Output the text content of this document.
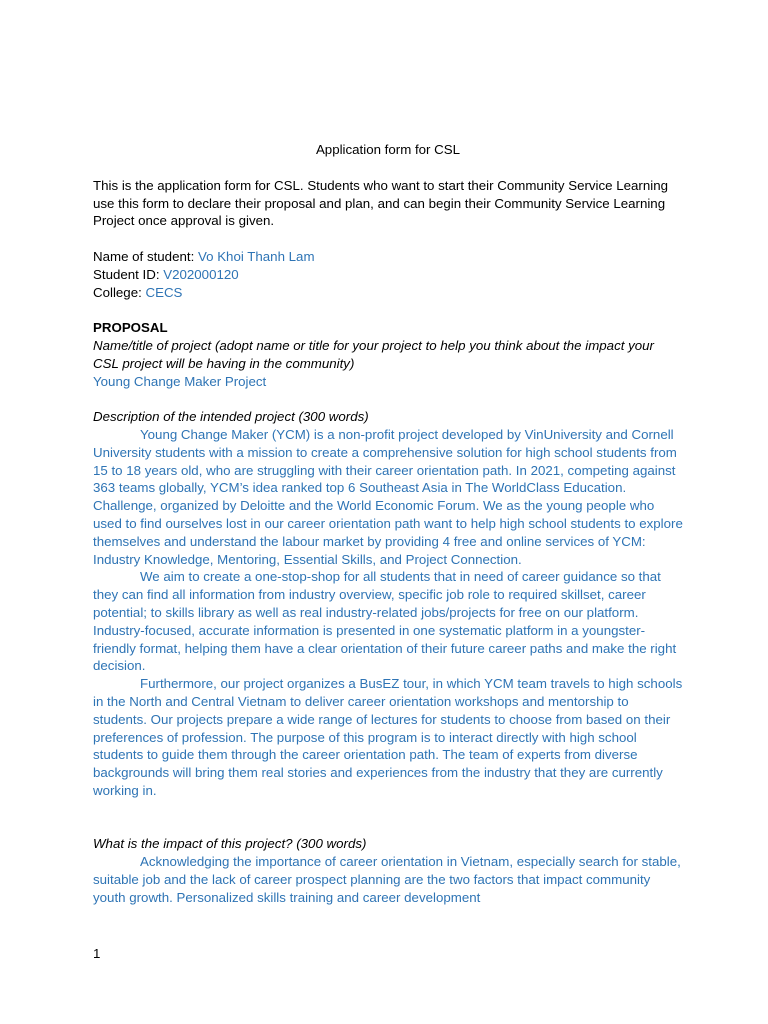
Application form for CSL

This is the application form for CSL. Students who want to start their Community Service Learning use this form to declare their proposal and plan, and can begin their Community Service Learning Project once approval is given.

Name of student: Vo Khoi Thanh Lam

Student ID: V202000120

College: CECS

PROPOSAL

Name/title of project (adopt name or title for your project to help you think about the impact your CSL project will be having in the community)

Young Change Maker Project

Description of the intended project (300 words)

Young Change Maker (YCM) is a non-profit project developed by VinUniversity and Cornell University students with a mission to create a comprehensive solution for high school students from 15 to 18 years old, who are struggling with their career orientation path. In 2021, competing against 363 teams globally, YCM’s idea ranked top 6 Southeast Asia in The WorldClass Education. Challenge, organized by Deloitte and the World Economic Forum. We as the young people who used to find ourselves lost in our career orientation path want to help high school students to explore themselves and understand the labour market by providing 4 free and online services of YCM: Industry Knowledge, Mentoring, Essential Skills, and Project Connection.

We aim to create a one-stop-shop for all students that in need of career guidance so that they can find all information from industry overview, specific job role to required skillset, career potential; to skills library as well as real industry-related jobs/projects for free on our platform. Industry-focused, accurate information is presented in one systematic platform in a youngster-friendly format, helping them have a clear orientation of their future career paths and make the right decision.

Furthermore, our project organizes a BusEZ tour, in which YCM team travels to high schools in the North and Central Vietnam to deliver career orientation workshops and mentorship to students. Our projects prepare a wide range of lectures for students to choose from based on their preferences of profession. The purpose of this program is to interact directly with high school students to guide them through the career orientation path. The team of experts from diverse backgrounds will bring them real stories and experiences from the industry that they are currently working in.

What is the impact of this project? (300 words)

Acknowledging the importance of career orientation in Vietnam, especially search for stable, suitable job and the lack of career prospect planning are the two factors that impact community youth growth. Personalized skills training and career development

1
